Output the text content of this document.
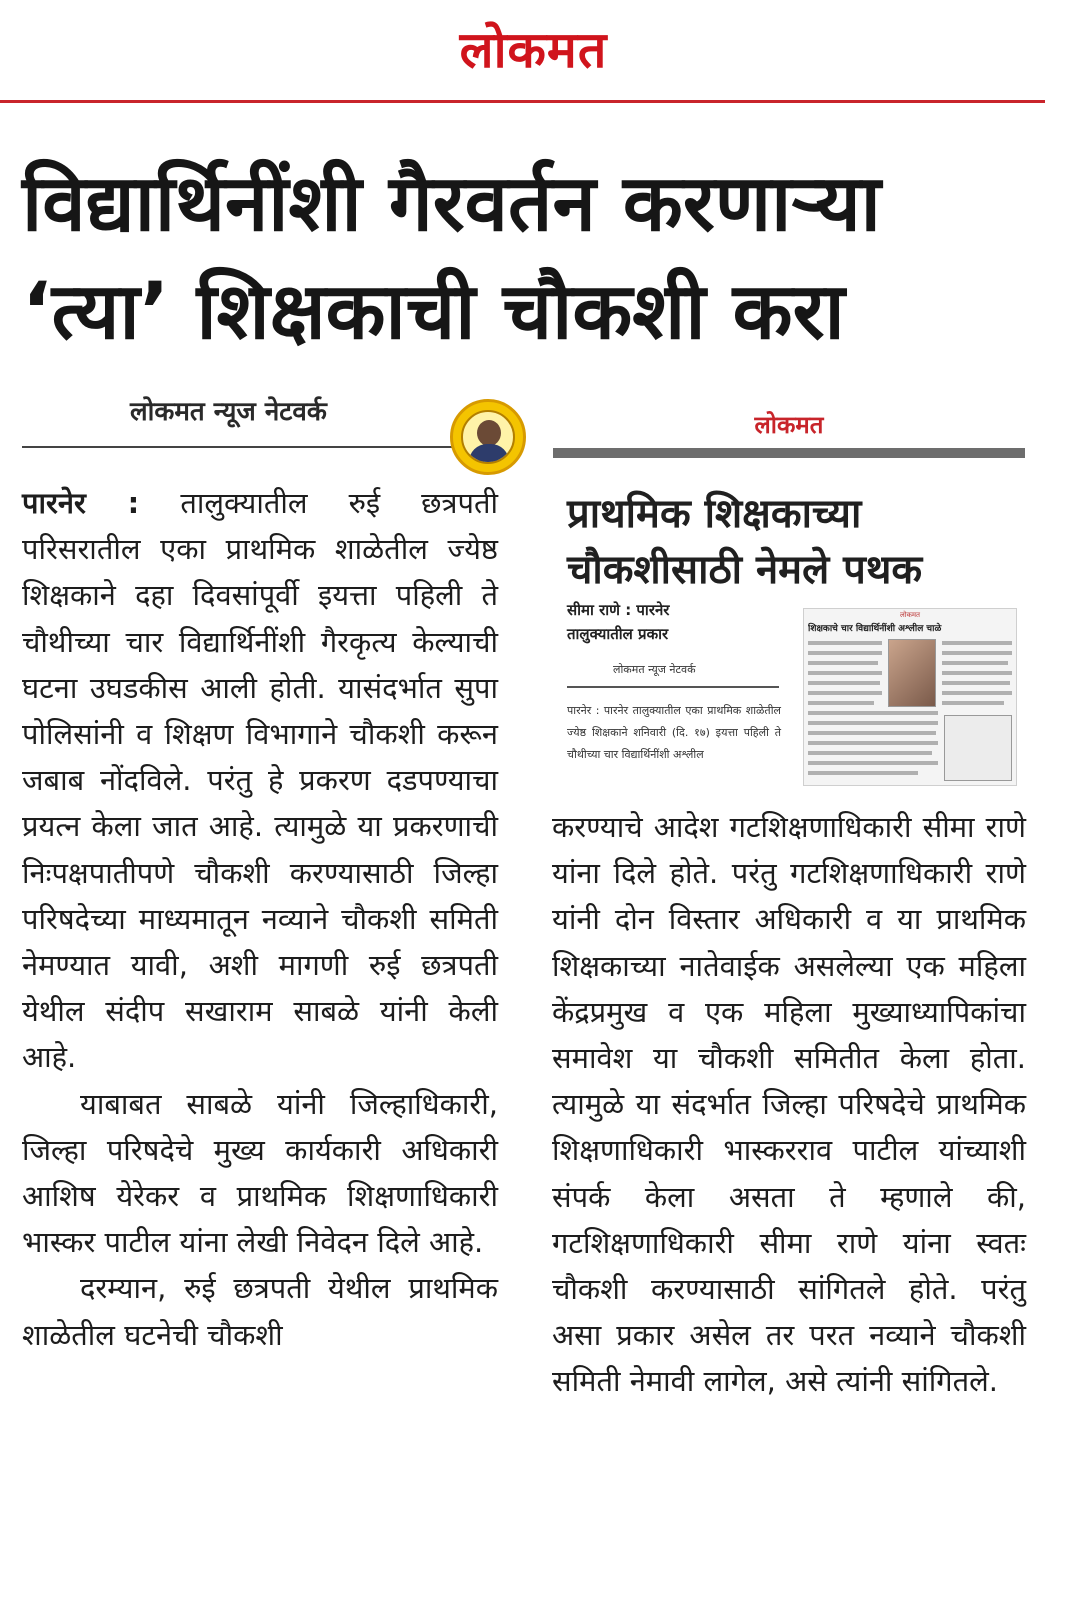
लोकमत
विद्यार्थिनींशी गैरवर्तन करणाऱ्या
‘त्या’ शिक्षकाची चौकशी करा
लोकमत न्यूज नेटवर्क

पारनेर : तालुक्यातील रुई छत्रपती परिसरातील एका प्राथमिक शाळेतील ज्येष्ठ शिक्षकाने दहा दिवसांपूर्वी इयत्ता पहिली ते चौथीच्या चार विद्यार्थिनींशी गैरकृत्य केल्याची घटना उघडकीस आली होती. यासंदर्भात सुपा पोलिसांनी व शिक्षण विभागाने चौकशी करून जबाब नोंदविले. परंतु हे प्रकरण दडपण्याचा प्रयत्न केला जात आहे. त्यामुळे या प्रकरणाची निःपक्षपातीपणे चौकशी करण्यासाठी जिल्हा परिषदेच्या माध्यमातून नव्याने चौकशी समिती नेमण्यात यावी, अशी मागणी रुई छत्रपती येथील संदीप सखाराम साबळे यांनी केली आहे.

याबाबत साबळे यांनी जिल्हाधिकारी, जिल्हा परिषदेचे मुख्य कार्यकारी अधिकारी आशिष येरेकर व प्राथमिक शिक्षणाधिकारी भास्कर पाटील यांना लेखी निवेदन दिले आहे.

दरम्यान, रुई छत्रपती येथील प्राथमिक शाळेतील घटनेची चौकशी

लोकमत
प्राथमिक शिक्षकाच्या
चौकशीसाठी नेमले पथक
सीमा राणे : पारनेर
तालुक्यातील प्रकार
लोकमत न्यूज नेटवर्क
पारनेर : पारनेर तालुक्यातील एका प्राथमिक शाळेतील ज्येष्ठ शिक्षकाने शनिवारी (दि. १७) इयत्ता पहिली ते चौथीच्या चार विद्यार्थिनींशी अश्लील
लोकमत
शिक्षकाचे चार विद्यार्थिनींशी अश्लील चाळे

करण्याचे आदेश गटशिक्षणाधिकारी सीमा राणे यांना दिले होते. परंतु गटशिक्षणाधिकारी राणे यांनी दोन विस्तार अधिकारी व या प्राथमिक शिक्षकाच्या नातेवाईक असलेल्या एक महिला केंद्रप्रमुख व एक महिला मुख्याध्यापिकांचा समावेश या चौकशी समितीत केला होता. त्यामुळे या संदर्भात जिल्हा परिषदेचे प्राथमिक शिक्षणाधिकारी भास्करराव पाटील यांच्याशी संपर्क केला असता ते म्हणाले की, गटशिक्षणाधिकारी सीमा राणे यांना स्वतः चौकशी करण्यासाठी सांगितले होते. परंतु असा प्रकार असेल तर परत नव्याने चौकशी समिती नेमावी लागेल, असे त्यांनी सांगितले.
